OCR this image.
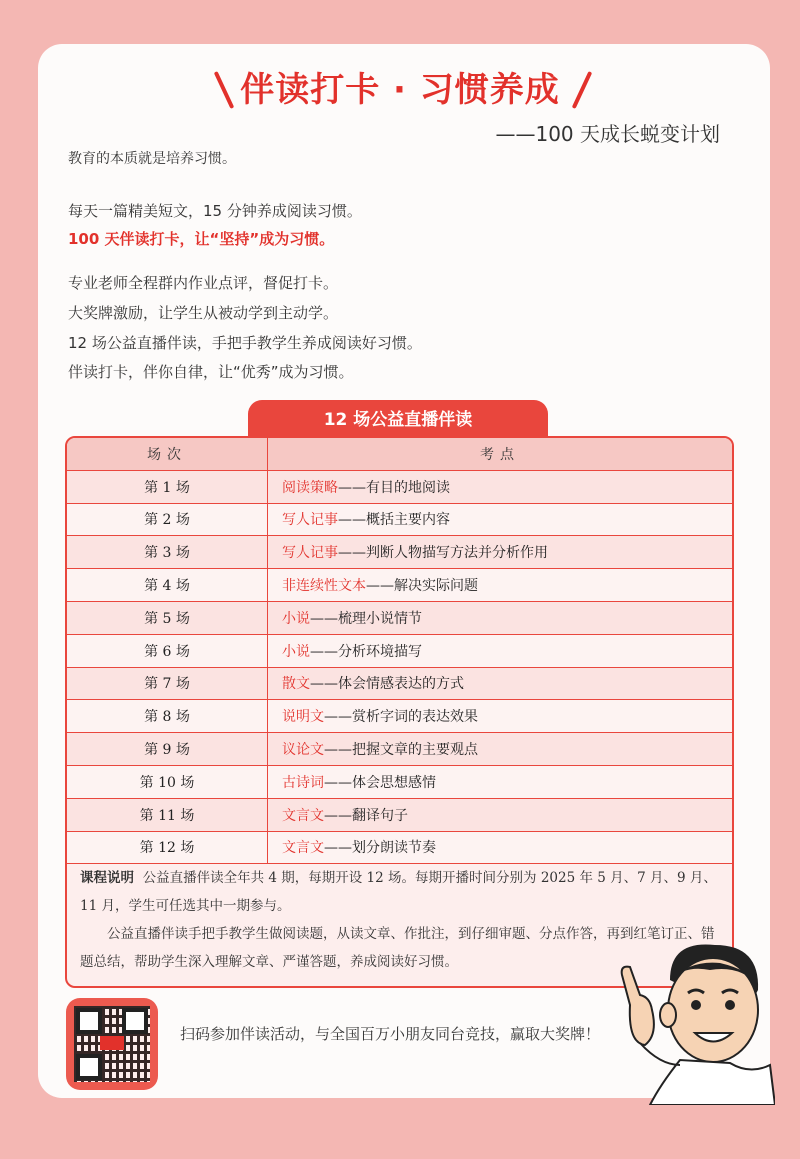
伴读打卡 · 习惯养成
——100 天成长蜕变计划
教育的本质就是培养习惯。
每天一篇精美短文，15 分钟养成阅读习惯。
100 天伴读打卡，让“坚持”成为习惯。
专业老师全程群内作业点评，督促打卡。
大奖牌激励，让学生从被动学到主动学。
12 场公益直播伴读，手把手教学生养成阅读好习惯。
伴读打卡，伴你自律，让“优秀”成为习惯。
12 场公益直播伴读
场次	考点
第 1 场	阅读策略——有目的地阅读
第 2 场	写人记事——概括主要内容
第 3 场	写人记事——判断人物描写方法并分析作用
第 4 场	非连续性文本——解决实际问题
第 5 场	小说——梳理小说情节
第 6 场	小说——分析环境描写
第 7 场	散文——体会情感表达的方式
第 8 场	说明文——赏析字词的表达效果
第 9 场	议论文——把握文章的主要观点
第 10 场	古诗词——体会思想感情
第 11 场	文言文——翻译句子
第 12 场	文言文——划分朗读节奏
课程说明 公益直播伴读全年共 4 期，每期开设 12 场。每期开播时间分别为 2025 年 5 月、7 月、9 月、11 月，学生可任选其中一期参与。
公益直播伴读手把手教学生做阅读题，从读文章、作批注，到仔细审题、分点作答，再到红笔订正、错题总结，帮助学生深入理解文章、严谨答题，养成阅读好习惯。
扫码参加伴读活动，与全国百万小朋友同台竞技，赢取大奖牌！
